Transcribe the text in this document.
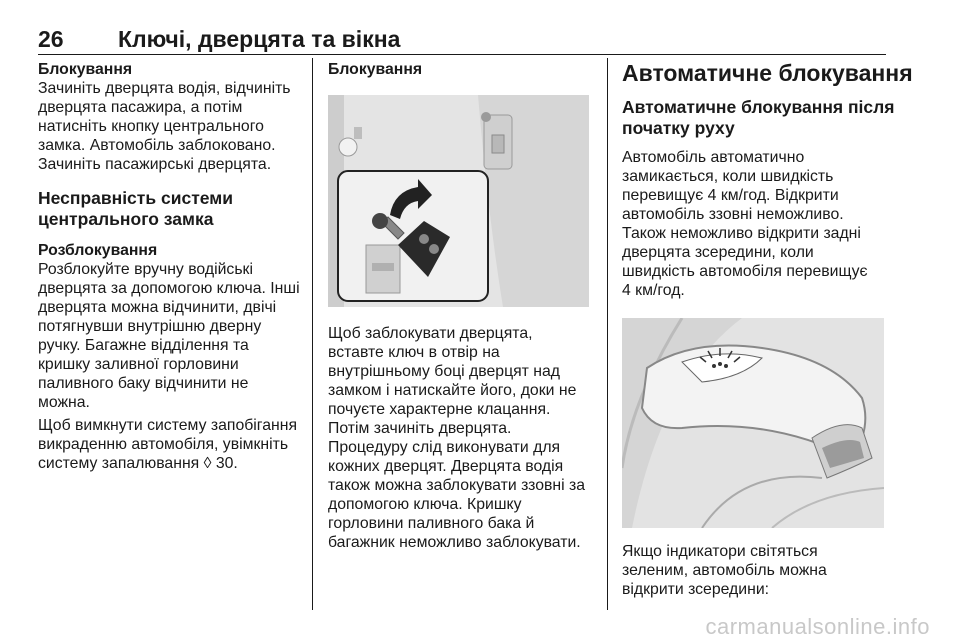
26 Ключі, дверцята та вікна
Блокування

Зачиніть дверцята водія, відчиніть

дверцята пасажира, а потім

натисніть кнопку центрального

замка. Автомобіль заблоковано.

Зачиніть пасажирські дверцята.

Несправність системи
центрального замка
Розблокування

Розблокуйте вручну водійські

дверцята за допомогою ключа. Інші

дверцята можна відчинити, двічі

потягнувши внутрішню дверну

ручку. Багажне відділення та

кришку заливної горловини

паливного баку відчинити не

можна.

Щоб вимкнути систему запобігання

викраденню автомобіля, увімкніть

систему запалювання ◊ 30.

Блокування

Щоб заблокувати дверцята,

вставте ключ в отвір на

внутрішньому боці дверцят над

замком і натискайте його, доки не

почуєте характерне клацання.

Потім зачиніть дверцята.

Процедуру слід виконувати для

кожних дверцят. Дверцята водія

також можна заблокувати ззовні за

допомогою ключа. Кришку

горловини паливного бака й

багажник неможливо заблокувати.

Автоматичне блокування
Автоматичне блокування після
початку руху

Автомобіль автоматично

замикається, коли швидкість

перевищує 4 км/год. Відкрити

автомобіль ззовні неможливо.

Також неможливо відкрити задні

дверцята зсередини, коли

швидкість автомобіля перевищує

4 км/год.

Якщо індикатори світяться

зеленим, автомобіль можна

відкрити зсередини:

carmanualsonline.info
